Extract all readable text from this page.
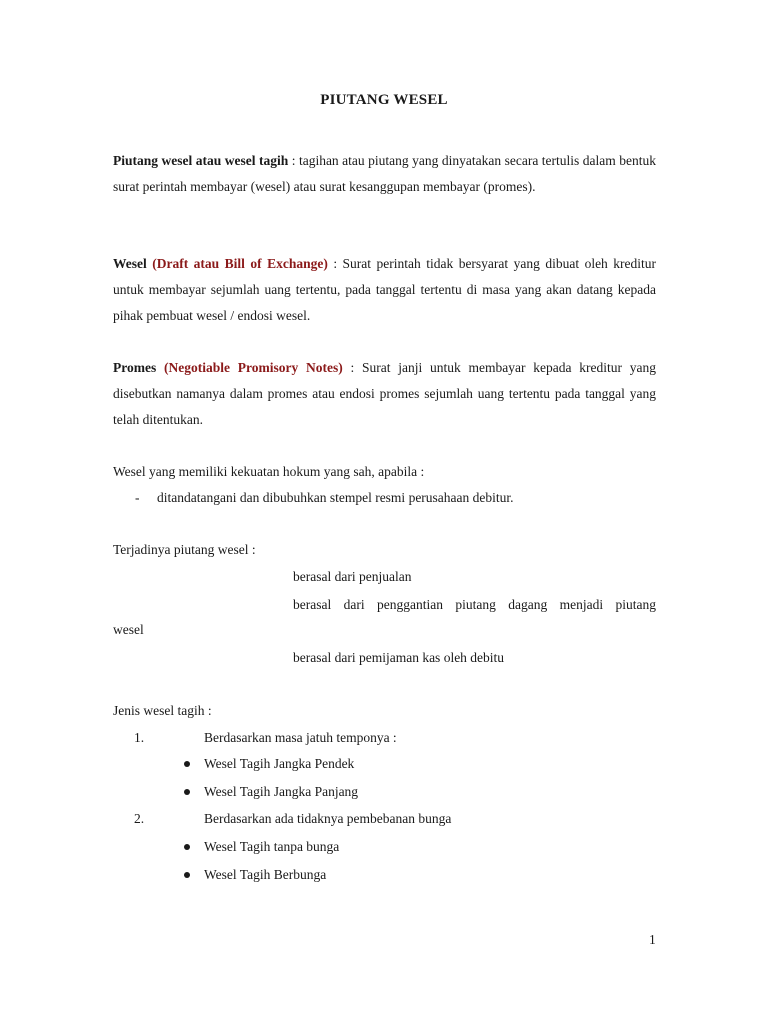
PIUTANG WESEL
Piutang wesel atau wesel tagih : tagihan atau piutang yang dinyatakan secara tertulis dalam bentuk surat perintah membayar (wesel) atau surat kesanggupan membayar (promes).
Wesel (Draft atau Bill of Exchange) : Surat perintah tidak bersyarat yang dibuat oleh kreditur untuk membayar sejumlah uang tertentu, pada tanggal tertentu di masa yang akan datang kepada pihak pembuat wesel / endosi wesel.
Promes (Negotiable Promisory Notes) : Surat janji untuk membayar kepada kreditur yang disebutkan namanya dalam promes atau endosi promes sejumlah uang tertentu pada tanggal yang telah ditentukan.
Wesel yang memiliki kekuatan hokum yang sah, apabila :
- ditandatangani dan dibubuhkan stempel resmi perusahaan debitur.
Terjadinya piutang wesel :
berasal dari penjualan
berasal dari penggantian piutang dagang menjadi piutang
wesel
berasal dari pemijaman kas oleh debitu
Jenis wesel tagih :
1.	Berdasarkan masa jatuh temponya :
Wesel Tagih Jangka Pendek
Wesel Tagih Jangka Panjang
2.	Berdasarkan ada tidaknya pembebanan bunga
Wesel Tagih tanpa bunga
Wesel Tagih Berbunga
1
